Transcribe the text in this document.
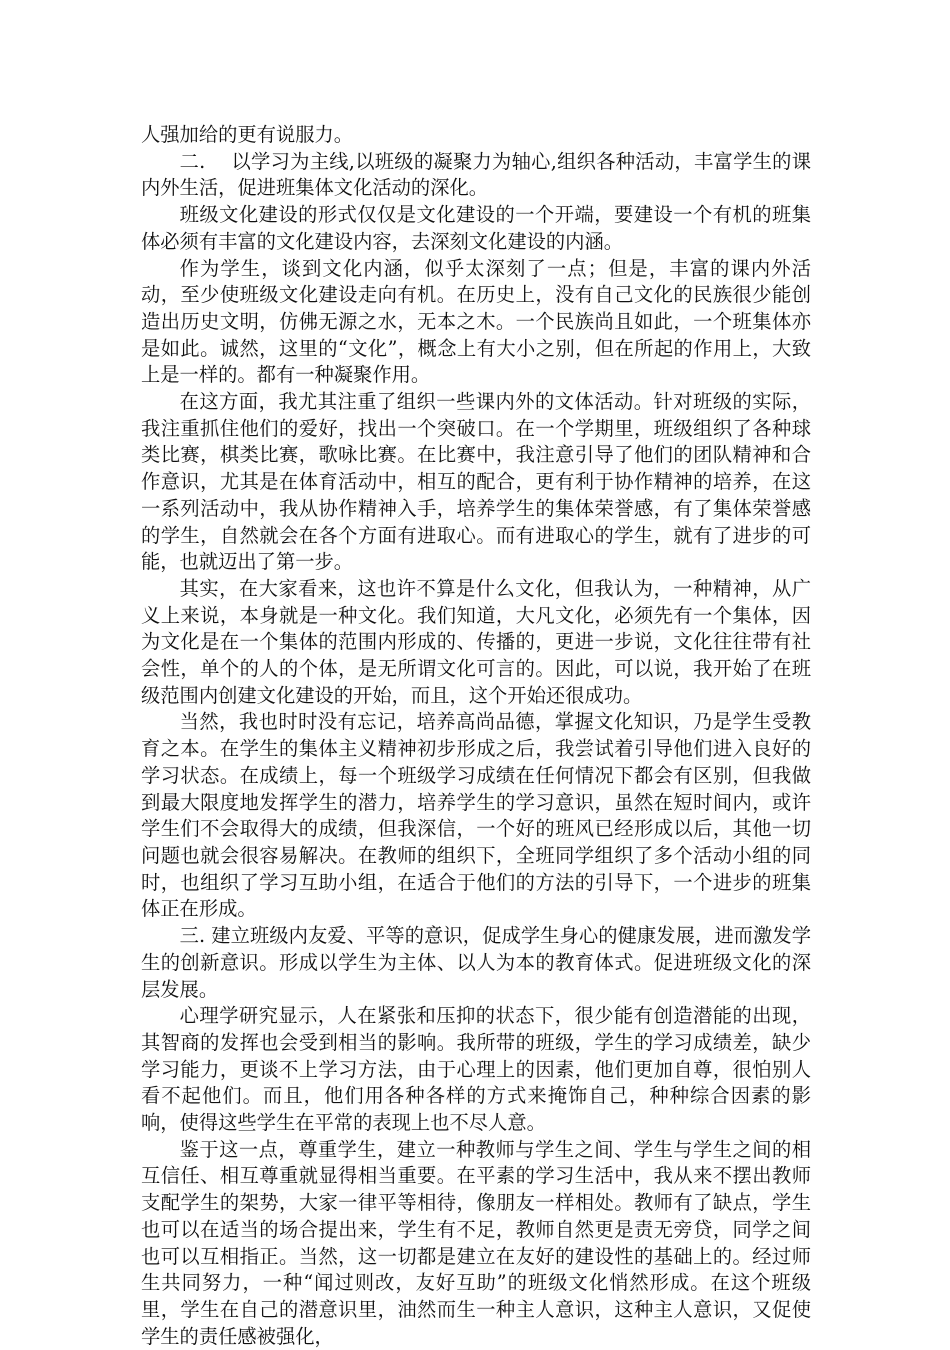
人强加给的更有说服力。

二.　 以学习为主线,以班级的凝聚力为轴心,组织各种活动，丰富学生的课内外生活，促进班集体文化活动的深化。

班级文化建设的形式仅仅是文化建设的一个开端，要建设一个有机的班集体必须有丰富的文化建设内容，去深刻文化建设的内涵。

作为学生，谈到文化内涵，似乎太深刻了一点；但是，丰富的课内外活动，至少使班级文化建设走向有机。在历史上，没有自己文化的民族很少能创造出历史文明，仿佛无源之水，无本之木。一个民族尚且如此，一个班集体亦是如此。诚然，这里的“文化”，概念上有大小之别，但在所起的作用上，大致上是一样的。都有一种凝聚作用。

在这方面，我尤其注重了组织一些课内外的文体活动。针对班级的实际，我注重抓住他们的爱好，找出一个突破口。在一个学期里，班级组织了各种球类比赛，棋类比赛，歌咏比赛。在比赛中，我注意引导了他们的团队精神和合作意识，尤其是在体育活动中，相互的配合，更有利于协作精神的培养，在这一系列活动中，我从协作精神入手，培养学生的集体荣誉感，有了集体荣誉感的学生，自然就会在各个方面有进取心。而有进取心的学生，就有了进步的可能，也就迈出了第一步。

其实，在大家看来，这也许不算是什么文化，但我认为，一种精神，从广义上来说，本身就是一种文化。我们知道，大凡文化，必须先有一个集体，因为文化是在一个集体的范围内形成的、传播的，更进一步说，文化往往带有社会性，单个的人的个体，是无所谓文化可言的。因此，可以说，我开始了在班级范围内创建文化建设的开始，而且，这个开始还很成功。

当然，我也时时没有忘记，培养高尚品德，掌握文化知识，乃是学生受教育之本。在学生的集体主义精神初步形成之后，我尝试着引导他们进入良好的学习状态。在成绩上，每一个班级学习成绩在任何情况下都会有区别，但我做到最大限度地发挥学生的潜力，培养学生的学习意识，虽然在短时间内，或许学生们不会取得大的成绩，但我深信，一个好的班风已经形成以后，其他一切问题也就会很容易解决。在教师的组织下，全班同学组织了多个活动小组的同时，也组织了学习互助小组，在适合于他们的方法的引导下，一个进步的班集体正在形成。

三. 建立班级内友爱、平等的意识，促成学生身心的健康发展，进而激发学生的创新意识。形成以学生为主体、以人为本的教育体式。促进班级文化的深层发展。

心理学研究显示，人在紧张和压抑的状态下，很少能有创造潜能的出现，其智商的发挥也会受到相当的影响。我所带的班级，学生的学习成绩差，缺少学习能力，更谈不上学习方法，由于心理上的因素，他们更加自尊，很怕别人看不起他们。而且，他们用各种各样的方式来掩饰自己，种种综合因素的影响，使得这些学生在平常的表现上也不尽人意。

鉴于这一点，尊重学生，建立一种教师与学生之间、学生与学生之间的相互信任、相互尊重就显得相当重要。在平素的学习生活中，我从来不摆出教师支配学生的架势，大家一律平等相待，像朋友一样相处。教师有了缺点，学生也可以在适当的场合提出来，学生有不足，教师自然更是责无旁贷，同学之间也可以互相指正。当然，这一切都是建立在友好的建设性的基础上的。经过师生共同努力，一种“闻过则改，友好互助”的班级文化悄然形成。在这个班级里，学生在自己的潜意识里，油然而生一种主人意识，这种主人意识，又促使学生的责任感被强化，
